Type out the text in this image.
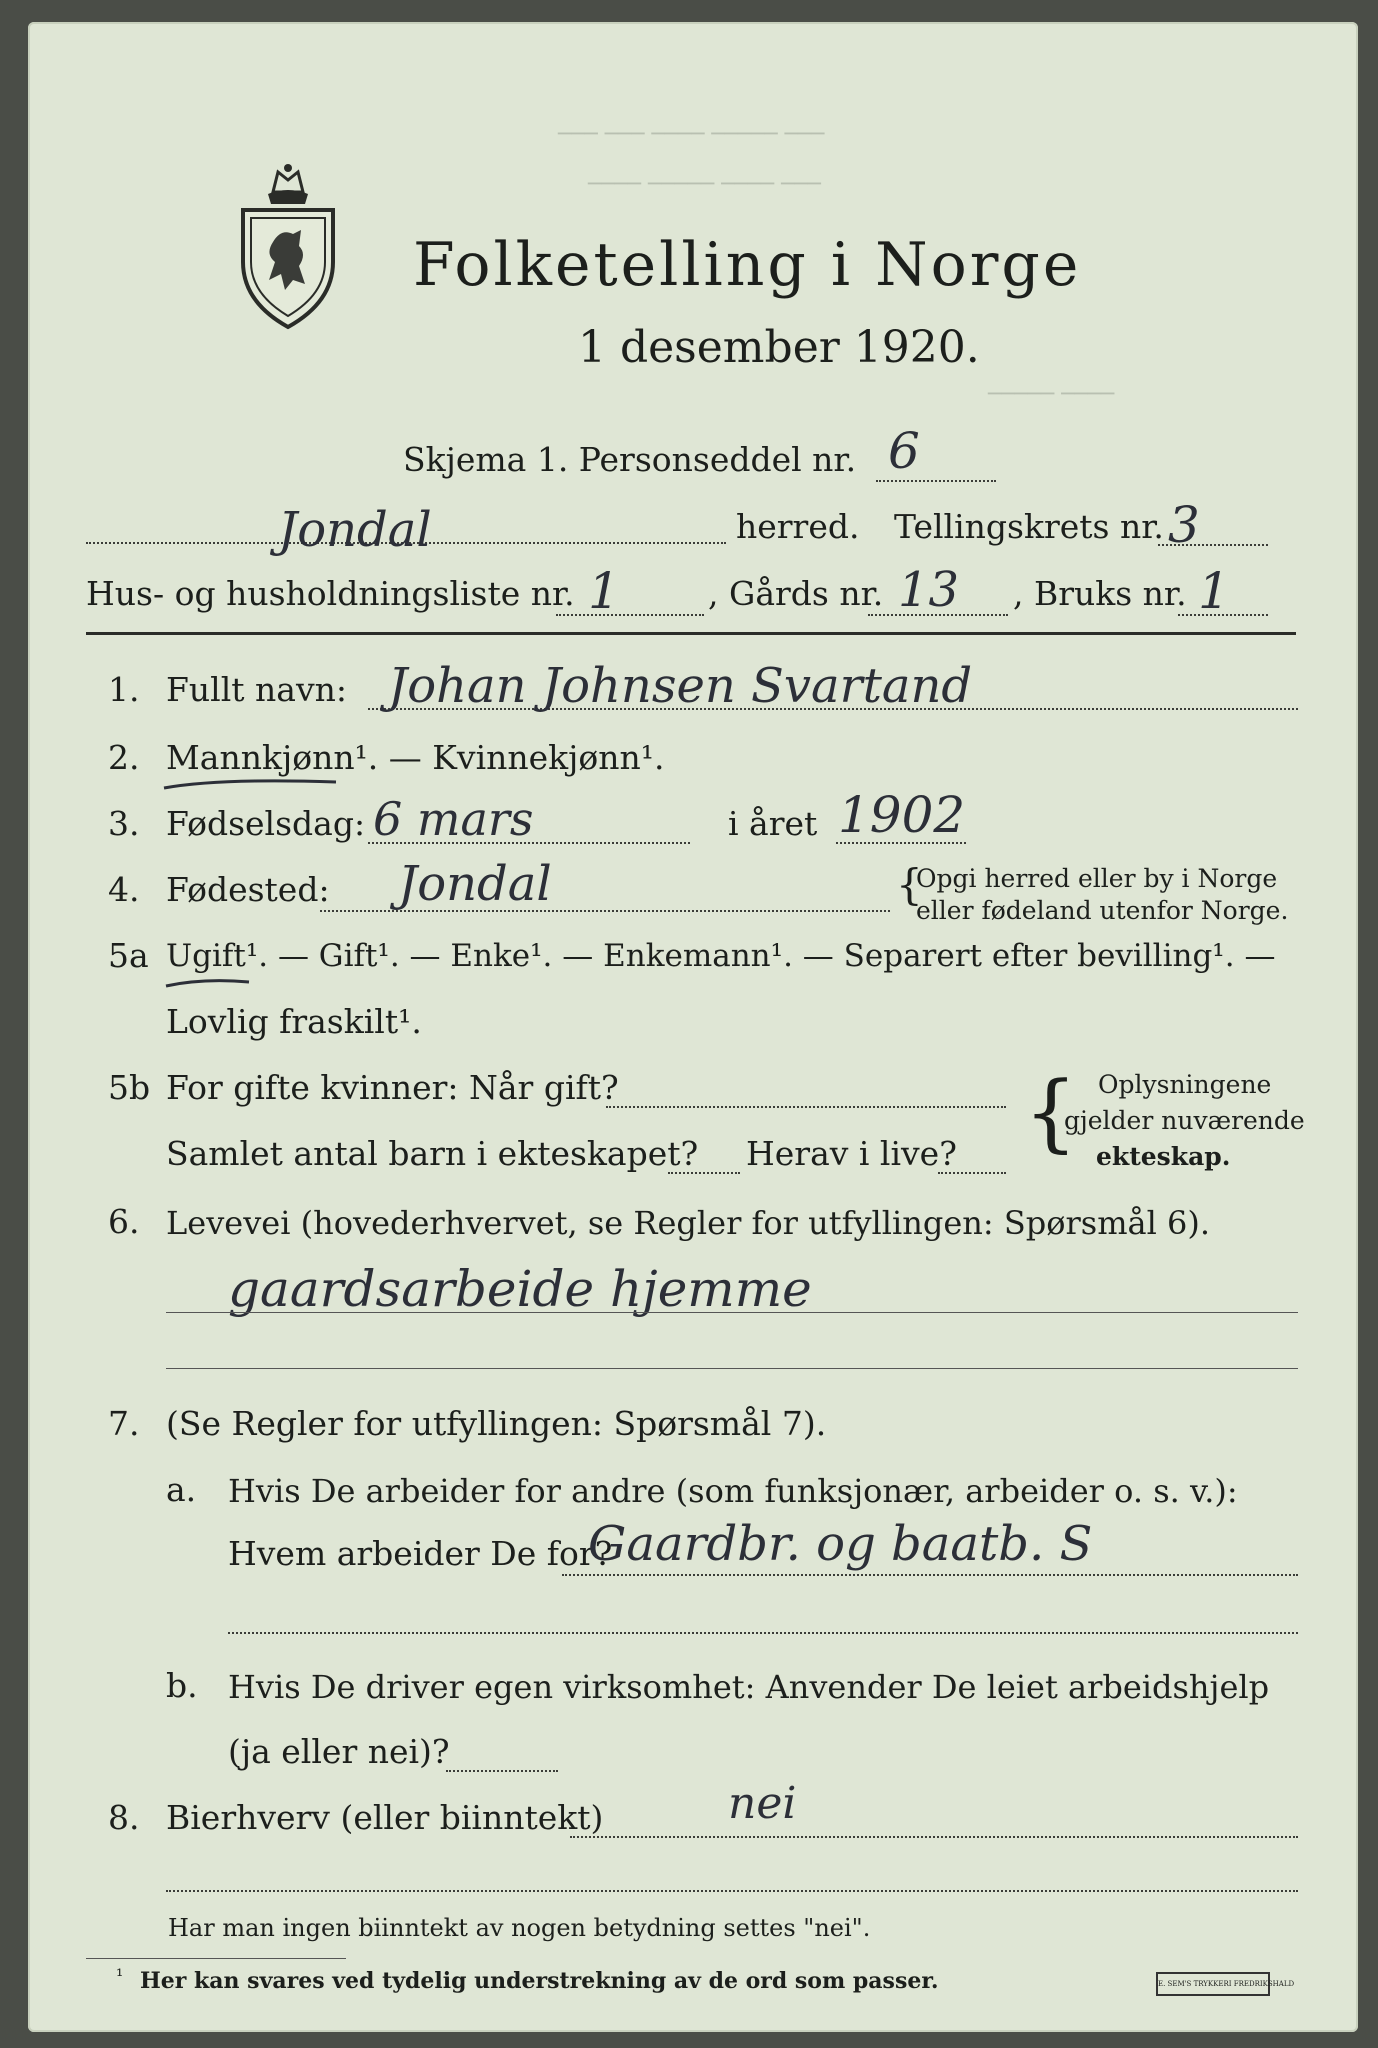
─── ─── ──── ───── ───
──── ───── ──── ───
───── ────
Folketelling i Norge
1 desember 1920.
Skjema 1. Personseddel nr. 6
Jondal	herred. Tellingskrets nr. 3
Hus- og husholdningsliste nr. 1	, Gårds nr. 13 , Bruks nr. 1
1. Fullt navn: Johan Johnsen Svartand
2. Mannkjønn¹. — Kvinnekjønn¹.
3. Fødselsdag: 6 mars	i året 1902
4. Fødested: Jondal	{
Opgi herred eller by i Norge
eller fødeland utenfor Norge.
5a Ugift¹. — Gift¹. — Enke¹. — Enkemann¹. — Separert efter bevilling¹. —
Lovlig fraskilt¹.
5b For gifte kvinner: Når gift?
Samlet antal barn i ekteskapet? Herav i live? { Oplysningene
gjelder nuværende
ekteskap.
6. Levevei (hovederhvervet, se Regler for utfyllingen: Spørsmål 6).
gaardsarbeide hjemme
7. (Se Regler for utfyllingen: Spørsmål 7).
a. Hvis De arbeider for andre (som funksjonær, arbeider o. s. v.):
Hvem arbeider De for?
Gaardbr. og baatb. S
b. Hvis De driver egen virksomhet: Anvender De leiet arbeidshjelp
(ja eller nei)?
8. Bierhverv (eller biinntekt)	nei
Har man ingen biinntekt av nogen betydning settes "nei".
¹ Her kan svares ved tydelig understrekning av de ord som passer.	E. SEM'S TRYKKERI FREDRIKSHALD
